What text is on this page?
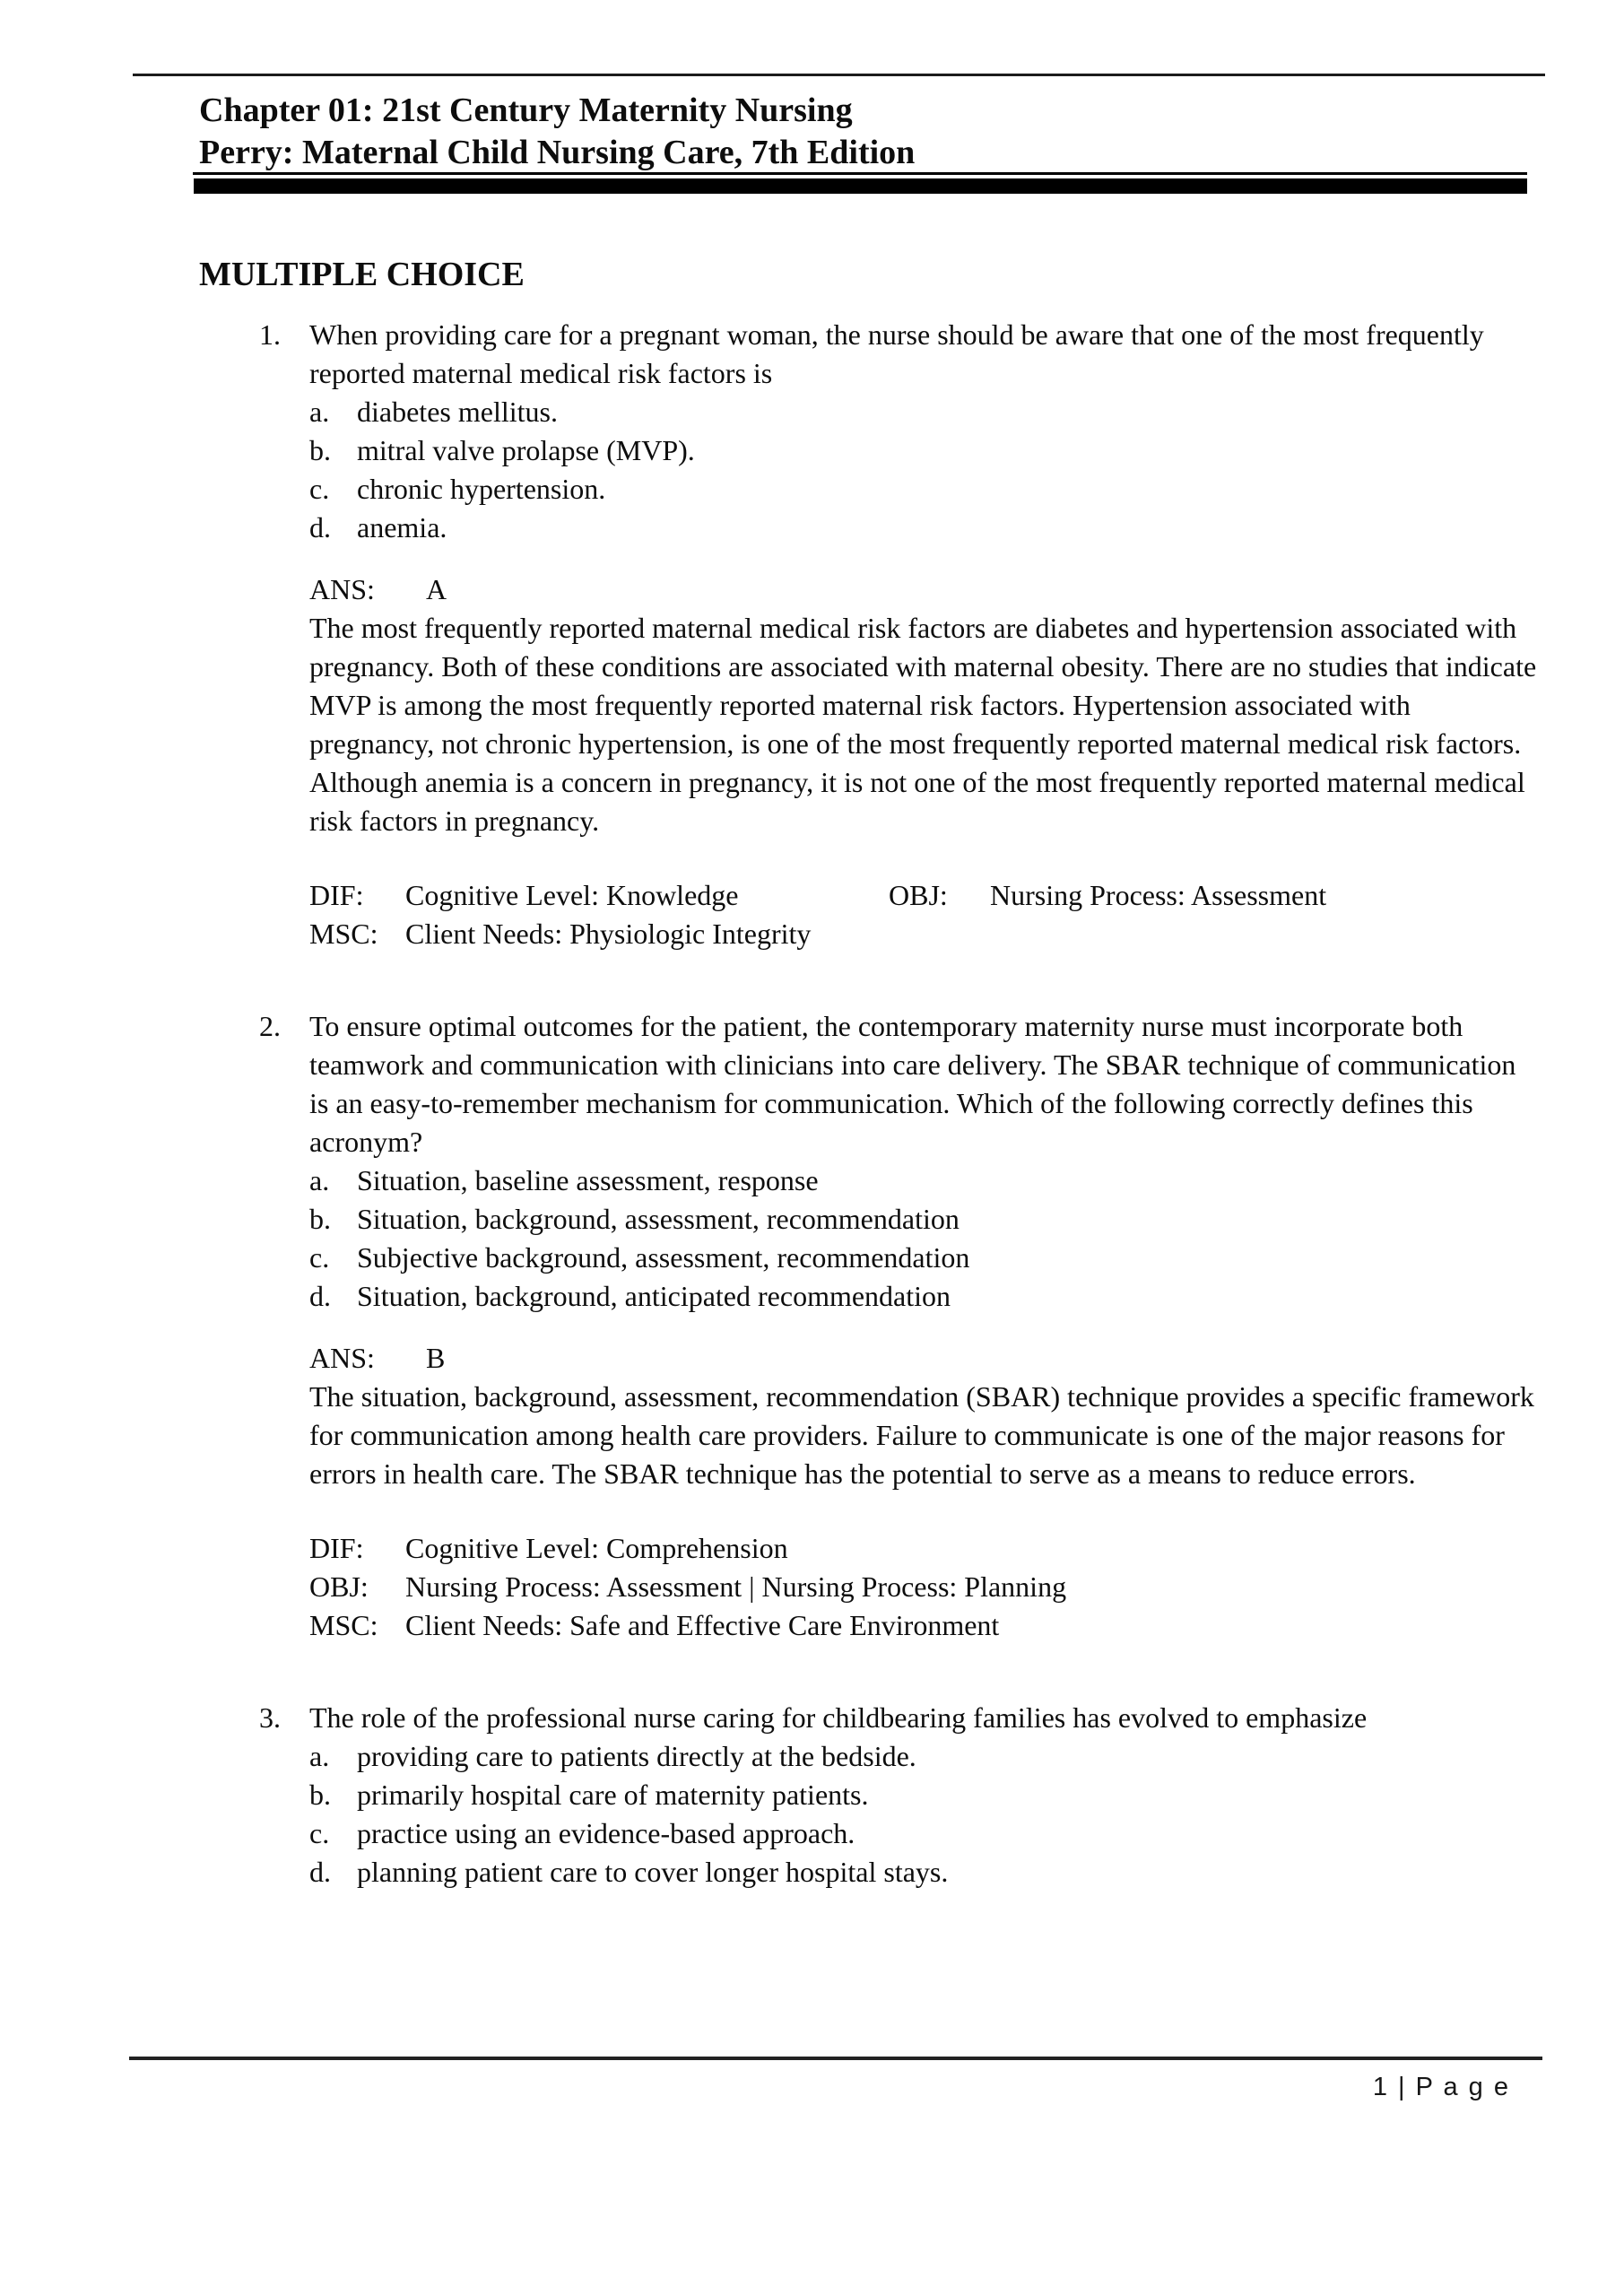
Chapter 01: 21st Century Maternity Nursing
Perry: Maternal Child Nursing Care, 7th Edition
MULTIPLE CHOICE
1.	When providing care for a pregnant woman, the nurse should be aware that one of the most frequently reported maternal medical risk factors is
a. diabetes mellitus.
b. mitral valve prolapse (MVP).
c. chronic hypertension.
d. anemia.
ANS:	A
The most frequently reported maternal medical risk factors are diabetes and hypertension associated with pregnancy. Both of these conditions are associated with maternal obesity. There are no studies that indicate MVP is among the most frequently reported maternal risk factors. Hypertension associated with pregnancy, not chronic hypertension, is one of the most frequently reported maternal medical risk factors. Although anemia is a concern in pregnancy, it is not one of the most frequently reported maternal medical risk factors in pregnancy.
DIF:	Cognitive Level: Knowledge	OBJ:	Nursing Process: Assessment
MSC: Client Needs: Physiologic Integrity
2.	To ensure optimal outcomes for the patient, the contemporary maternity nurse must incorporate both teamwork and communication with clinicians into care delivery. The SBAR technique of communication is an easy-to-remember mechanism for communication. Which of the following correctly defines this acronym?
a. Situation, baseline assessment, response
b. Situation, background, assessment, recommendation
c. Subjective background, assessment, recommendation
d. Situation, background, anticipated recommendation
ANS:	B
The situation, background, assessment, recommendation (SBAR) technique provides a specific framework for communication among health care providers. Failure to communicate is one of the major reasons for errors in health care. The SBAR technique has the potential to serve as a means to reduce errors.
DIF:	Cognitive Level: Comprehension
OBJ:	Nursing Process: Assessment | Nursing Process: Planning
MSC: Client Needs: Safe and Effective Care Environment
3.	The role of the professional nurse caring for childbearing families has evolved to emphasize
a. providing care to patients directly at the bedside.
b. primarily hospital care of maternity patients.
c. practice using an evidence-based approach.
d. planning patient care to cover longer hospital stays.
1 | P a g e
